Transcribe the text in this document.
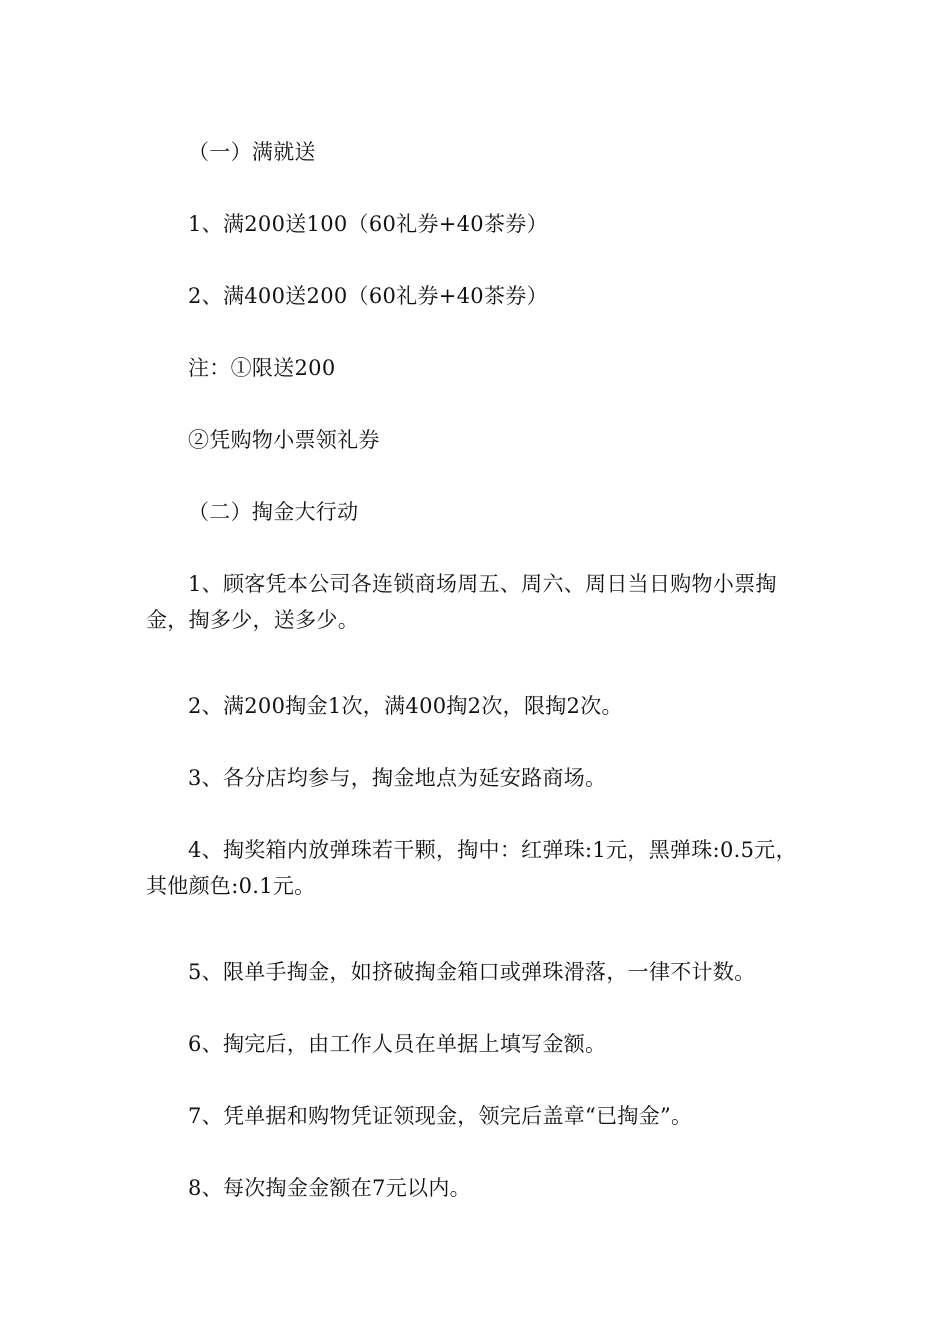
（一）满就送

1、满200送100（60礼券+40茶券）

2、满400送200（60礼券+40茶券）

注：①限送200

②凭购物小票领礼券

（二）掏金大行动

1、顾客凭本公司各连锁商场周五、周六、周日当日购物小票掏金，掏多少，送多少。

2、满200掏金1次，满400掏2次，限掏2次。

3、各分店均参与，掏金地点为延安路商场。

4、掏奖箱内放弹珠若干颗，掏中：红弹珠:1元，黑弹珠:0.5元，其他颜色:0.1元。

5、限单手掏金，如挤破掏金箱口或弹珠滑落，一律不计数。

6、掏完后，由工作人员在单据上填写金额。

7、凭单据和购物凭证领现金，领完后盖章“已掏金”。

8、每次掏金金额在7元以内。
